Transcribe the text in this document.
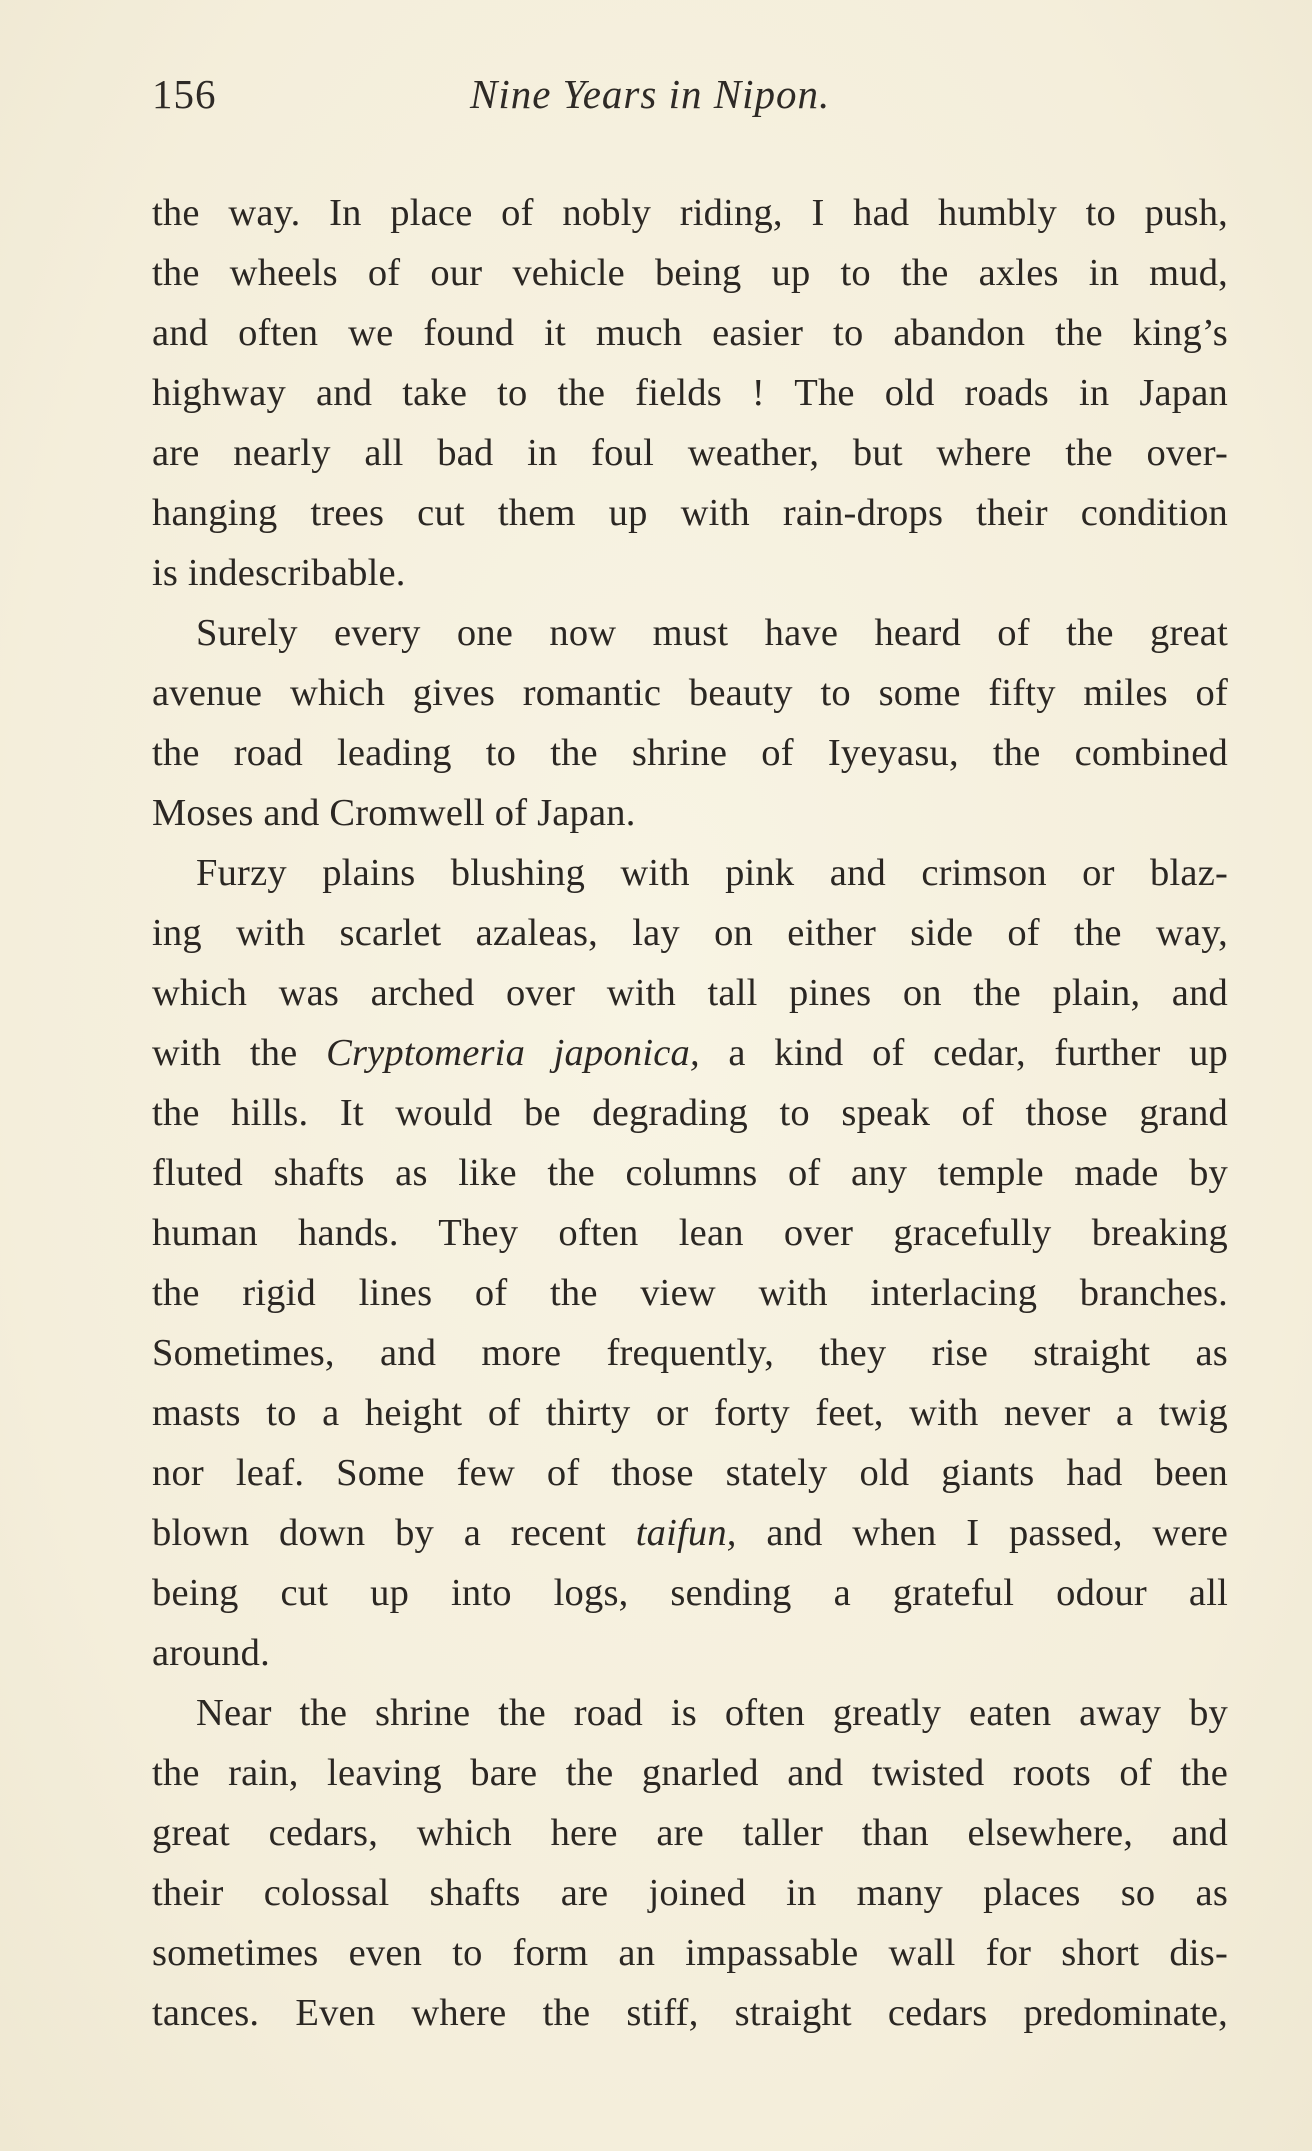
156	Nine Years in Nipon.
the way. In place of nobly riding, I had humbly to push,
the wheels of our vehicle being up to the axles in mud,
and often we found it much easier to abandon the king’s
highway and take to the fields ! The old roads in Japan
are nearly all bad in foul weather, but where the over-
hanging trees cut them up with rain-drops their condition
is indescribable.
Surely every one now must have heard of the great
avenue which gives romantic beauty to some fifty miles of
the road leading to the shrine of Iyeyasu, the combined
Moses and Cromwell of Japan.
Furzy plains blushing with pink and crimson or blaz-
ing with scarlet azaleas, lay on either side of the way,
which was arched over with tall pines on the plain, and
with the Cryptomeria japonica, a kind of cedar, further up
the hills. It would be degrading to speak of those grand
fluted shafts as like the columns of any temple made by
human hands. They often lean over gracefully breaking
the rigid lines of the view with interlacing branches.
Sometimes, and more frequently, they rise straight as
masts to a height of thirty or forty feet, with never a twig
nor leaf. Some few of those stately old giants had been
blown down by a recent taifun, and when I passed, were
being cut up into logs, sending a grateful odour all
around.
Near the shrine the road is often greatly eaten away by
the rain, leaving bare the gnarled and twisted roots of the
great cedars, which here are taller than elsewhere, and
their colossal shafts are joined in many places so as
sometimes even to form an impassable wall for short dis-
tances. Even where the stiff, straight cedars predominate,
